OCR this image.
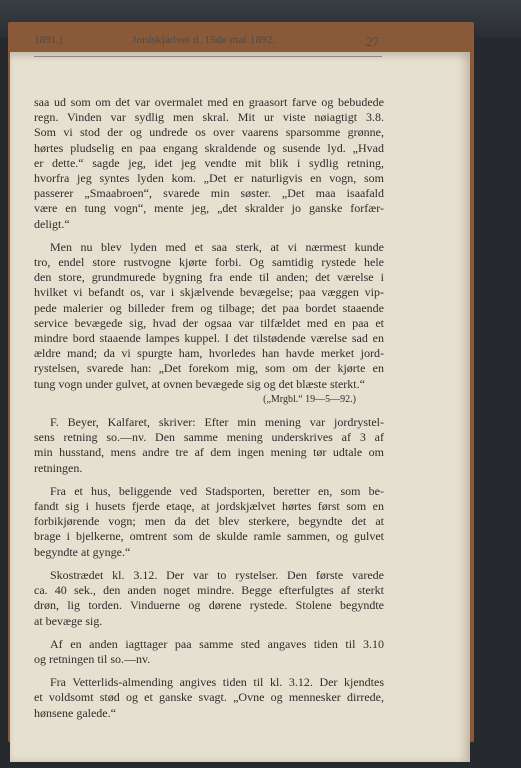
1891.]	Jordskjælvet d. 15de mai 1892.	27
saa ud som om det var overmalet med en graasort farve og bebudede
regn. Vinden var sydlig men skral. Mit ur viste nøiagtigt 3.8.
Som vi stod der og undrede os over vaarens sparsomme grønne,
hørtes pludselig en paa engang skraldende og susende lyd. „Hvad
er dette.“ sagde jeg, idet jeg vendte mit blik i sydlig retning,
hvorfra jeg syntes lyden kom. „Det er naturligvis en vogn, som
passerer „Smaabroen“, svarede min søster. „Det maa isaafald
være en tung vogn“, mente jeg, „det skralder jo ganske forfær-
deligt.“
Men nu blev lyden med et saa sterk, at vi nærmest kunde
tro, endel store rustvogne kjørte forbi. Og samtidig rystede hele
den store, grundmurede bygning fra ende til anden; det værelse i
hvilket vi befandt os, var i skjælvende bevægelse; paa væggen vip-
pede malerier og billeder frem og tilbage; det paa bordet staaende
service bevægede sig, hvad der ogsaa var tilfældet med en paa et
mindre bord staaende lampes kuppel. I det tilstødende værelse sad en
ældre mand; da vi spurgte ham, hvorledes han havde merket jord-
rystelsen, svarede han: „Det forekom mig, som om der kjørte en
tung vogn under gulvet, at ovnen bevægede sig og det blæste sterkt.“
(„Mrgbl.“ 19—5—92.)
F. Beyer, Kalfaret, skriver: Efter min mening var jordrystel-
sens retning so.—nv. Den samme mening underskrives af 3 af
min husstand, mens andre tre af dem ingen mening tør udtale om
retningen.
Fra et hus, beliggende ved Stadsporten, beretter en, som be-
fandt sig i husets fjerde etaqe, at jordskjælvet hørtes først som en
forbikjørende vogn; men da det blev sterkere, begyndte det at
brage i bjelkerne, omtrent som de skulde ramle sammen, og gulvet
begyndte at gynge.“
Skostrædet kl. 3.12. Der var to rystelser. Den første varede
ca. 40 sek., den anden noget mindre. Begge efterfulgtes af sterkt
drøn, lig torden. Vinduerne og dørene rystede. Stolene begyndte
at bevæge sig.
Af en anden iagttager paa samme sted angaves tiden til 3.10
og retningen til so.—nv.
Fra Vetterlids-almending angives tiden til kl. 3.12. Der kjendtes
et voldsomt stød og et ganske svagt. „Ovne og mennesker dirrede,
hønsene galede.“
